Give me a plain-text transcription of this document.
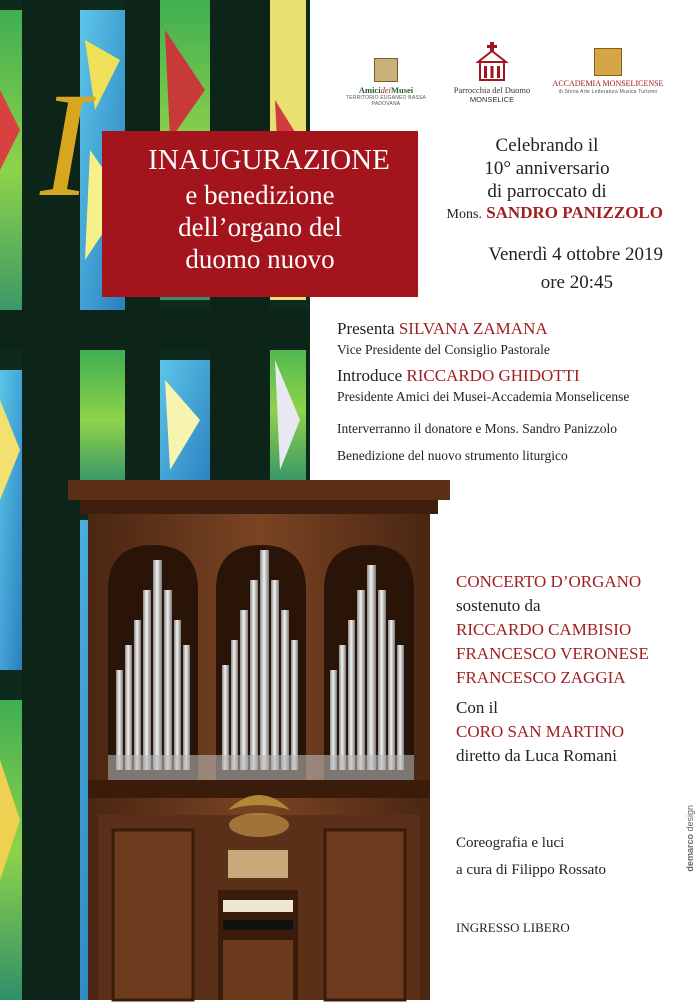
AmicideiMusei
TERRITORIO EUGANEO BASSA PADOVANA
Parrocchia del Duomo
MONSELICE
ACCADEMIA MONSELICENSE
di Storia Arte Letteratura Musica Turismo
I	INAUGURAZIONE
e benedizione
dell’organo del
duomo nuovo
Celebrando il
10° anniversario
di parroccato di
Mons. SANDRO PANIZZOLO
Venerdì 4 ottobre 2019
ore 20:45
Presenta SILVANA ZAMANA
Vice Presidente del Consiglio Pastorale
Introduce RICCARDO GHIDOTTI
Presidente Amici dei Musei-Accademia Monselicense
Interverranno il donatore e Mons. Sandro Panizzolo
Benedizione del nuovo strumento liturgico
CONCERTO D’ORGANO
sostenuto da
RICCARDO CAMBISIO
FRANCESCO VERONESE
FRANCESCO ZAGGIA
Con il
CORO SAN MARTINO
diretto da Luca Romani
Coreografia e luci
a cura di Filippo Rossato
INGRESSO LIBERO
demarco design
